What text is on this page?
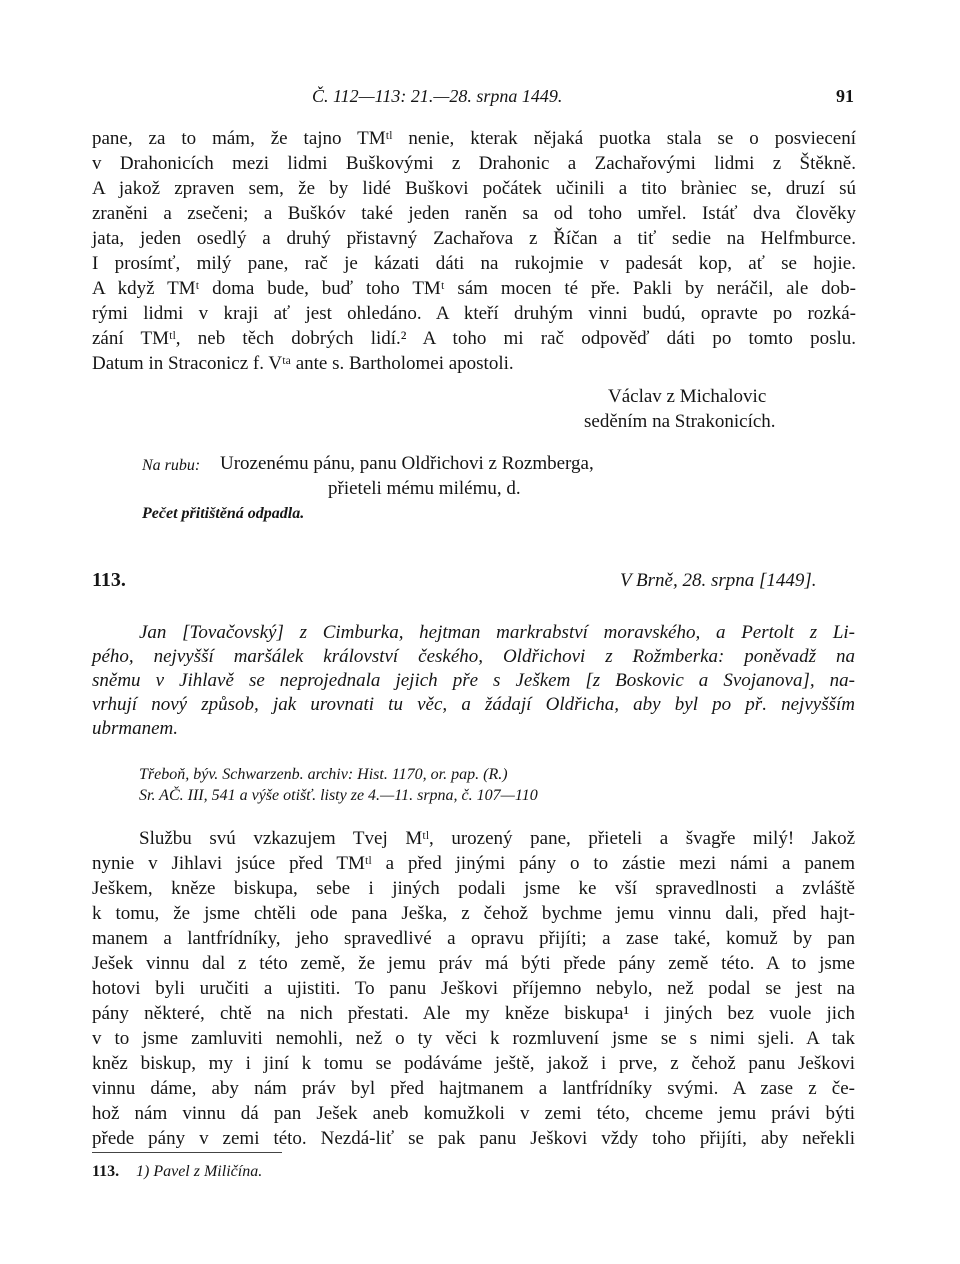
Č. 112—113: 21.—28. srpna 1449.	91
pane, za to mám, že tajno TMᵗˡ nenie, kterak nějaká puotka stala se o posviecení
v Drahonicích mezi lidmi Buškovými z Drahonic a Zachařovými lidmi z Štěkně.
A jakož zpraven sem, že by lidé Buškovi počátek učinili a tito bràniec se, druzí sú
zraněni a zsečeni; a Buškóv také jeden raněn sa od toho umřel. Istáť dva člověky
jata, jeden osedlý a druhý přistavný Zachařova z Říčan a tiť sedie na Helfmburce.
I prosímť, milý pane, rač je kázati dáti na rukojmie v padesát kop, ať se hojie.
A když TMᵗ doma bude, buď toho TMᵗ sám mocen té pře. Pakli by neráčil, ale dob-
rými lidmi v kraji ať jest ohledáno. A kteří druhým vinni budú, opravte po rozká-
zání TMᵗˡ, neb těch dobrých lidí.² A toho mi rač odpověď dáti po tomto poslu.
Datum in Straconicz f. Vᵗᵃ ante s. Bartholomei apostoli.
Václav z Michalovic
seděním na Strakonicích.
Na rubu: Urozenému pánu, panu Oldřichovi z Rozmberga,
přieteli mému milému, d.
Pečet přitištěná odpadla.
113.	V Brně, 28. srpna [1449].
Jan [Tovačovský] z Cimburka, hejtman markrabství moravského, a Pertolt z Li-
pého, nejvyšší maršálek království českého, Oldřichovi z Rožmberka: poněvadž na
sněmu v Jihlavě se neprojednala jejich pře s Ješkem [z Boskovic a Svojanova], na-
vrhují nový způsob, jak urovnati tu věc, a žádají Oldřicha, aby byl po př. nejvyšším
ubrmanem.
Třeboň, býv. Schwarzenb. archiv: Hist. 1170, or. pap. (R.)
Sr. AČ. III, 541 a výše otišť. listy ze 4.—11. srpna, č. 107—110
Službu svú vzkazujem Tvej Mᵗˡ, urozený pane, přieteli a švagře milý! Jakož
nynie v Jihlavi jsúce před TMᵗˡ a před jinými pány o to zástie mezi námi a panem
Ješkem, kněze biskupa, sebe i jiných podali jsme ke vší spravedlnosti a zvláště
k tomu, že jsme chtěli ode pana Ješka, z čehož bychme jemu vinnu dali, před hajt-
manem a lantfrídníky, jeho spravedlivé a opravu přijíti; a zase také, komuž by pan
Ješek vinnu dal z této země, že jemu práv má býti přede pány země této. A to jsme
hotovi byli uručiti a ujistiti. To panu Ješkovi příjemno nebylo, než podal se jest na
pány některé, chtě na nich přestati. Ale my kněze biskupa¹ i jiných bez vuole jich
v to jsme zamluviti nemohli, než o ty věci k rozmluvení jsme se s nimi sjeli. A tak
kněz biskup, my i jiní k tomu se podáváme ještě, jakož i prve, z čehož panu Ješkovi
vinnu dáme, aby nám práv byl před hajtmanem a lantfrídníky svými. A zase z če-
hož nám vinnu dá pan Ješek aneb komužkoli v zemi této, chceme jemu právi býti
přede pány v zemi této. Nezdá-liť se pak panu Ješkovi vždy toho přijíti, aby neřekli
113. 1) Pavel z Miličína.
